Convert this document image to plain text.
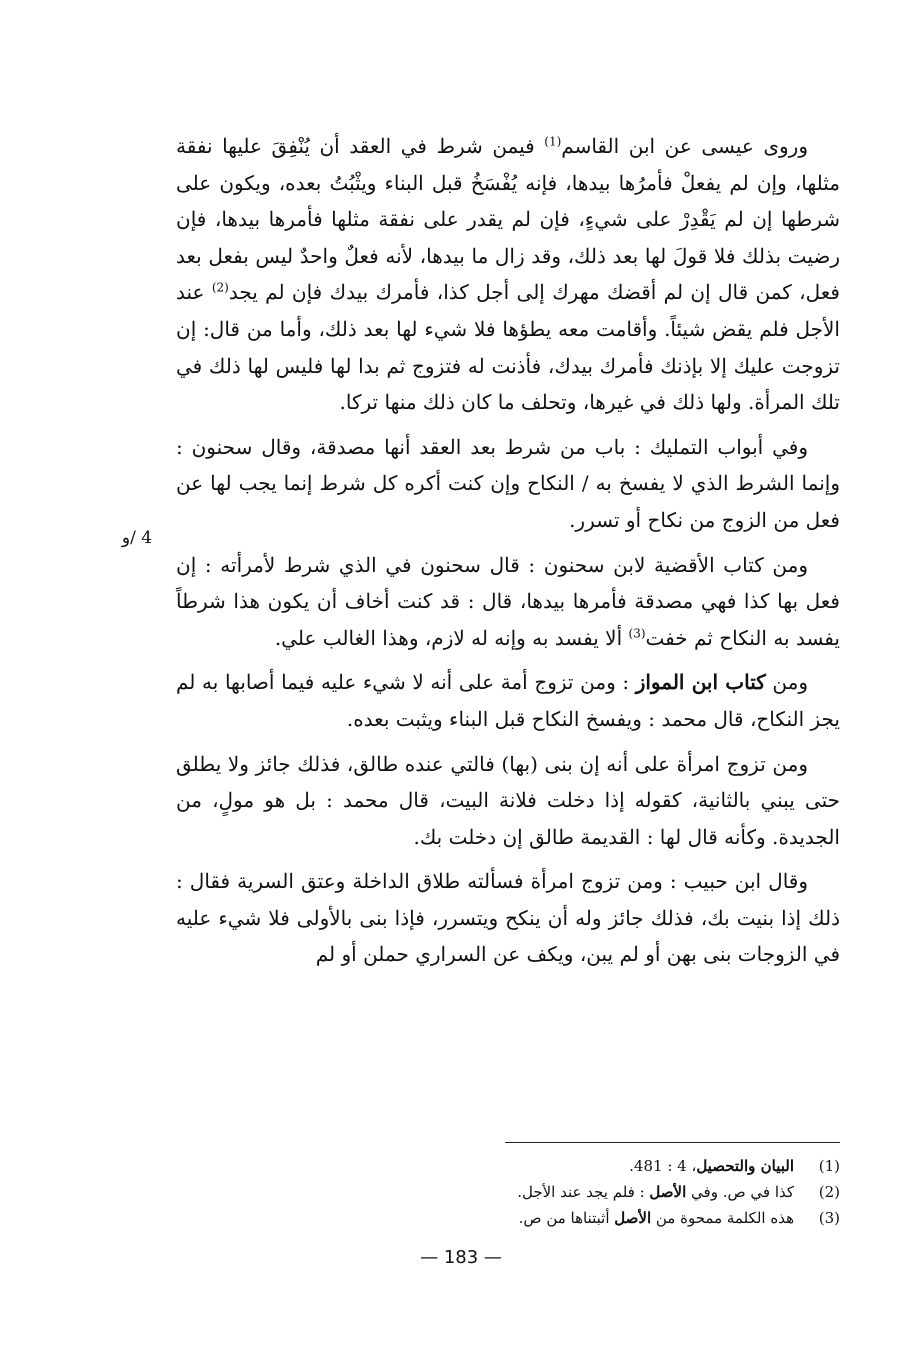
وروى عيسى عن ابن القاسم$^{(1)}$ فيمن شرط في العقد أن يُنْفِقَ عليها نفقة مثلها، وإن لم يفعلْ فأمرُها بيدها، فإنه يُفْسَخُ قبل البناء ويثْبُتُ بعده، ويكون على شرطها إن لم يَقْدِرْ على شيءٍ، فإن لم يقدر على نفقة مثلها فأمرها بيدها، فإن رضيت بذلك فلا قولَ لها بعد ذلك، وقد زال ما بيدها، لأنه فعلٌ واحدٌ ليس بفعل بعد فعل، كمن قال إن لم أقضك مهرك إلى أجل كذا، فأمرك بيدك فإن لم يجد$^{(2)}$ عند الأجل فلم يقض شيئاً. وأقامت معه يطؤها فلا شيء لها بعد ذلك، وأما من قال: إن تزوجت عليك إلا بإذنك فأمرك بيدك، فأذنت له فتزوج ثم بدا لها فليس لها ذلك في تلك المرأة. ولها ذلك في غيرها، وتحلف ما كان ذلك منها تركا.

وفي أبواب التمليك : باب من شرط بعد العقد أنها مصدقة، وقال سحنون : وإنما الشرط الذي لا يفسخ به / النكاح وإن كنت أكره كل شرط إنما يجب لها عن فعل من الزوج من نكاح أو تسرر.

ومن كتاب الأقضية لابن سحنون : قال سحنون في الذي شرط لأمرأته : إن فعل بها كذا فهي مصدقة فأمرها بيدها، قال : قد كنت أخاف أن يكون هذا شرطاً يفسد به النكاح ثم خفت$^{(3)}$ ألا يفسد به وإنه له لازم، وهذا الغالب علي.

ومن كتاب ابن المواز : ومن تزوج أمة على أنه لا شيء عليه فيما أصابها به لم يجز النكاح، قال محمد : ويفسخ النكاح قبل البناء ويثبت بعده.

ومن تزوج امرأة على أنه إن بنى (بها) فالتي عنده طالق، فذلك جائز ولا يطلق حتى يبني بالثانية، كقوله إذا دخلت فلانة البيت، قال محمد : بل هو مولٍ، من الجديدة. وكأنه قال لها : القديمة طالق إن دخلت بك.

وقال ابن حبيب : ومن تزوج امرأة فسألته طلاق الداخلة وعتق السرية فقال : ذلك إذا بنيت بك، فذلك جائز وله أن ينكح ويتسرر، فإذا بنى بالأولى فلا شيء عليه في الزوجات بنى بهن أو لم يبن، ويكف عن السراري حملن أو لم

4 /و

(1)
البيان والتحصيل، 4 : 481.

(2)
كذا في ص. وفي الأصل : فلم يجد عند الأجل.

(3)
هذه الكلمة ممحوة من الأصل أثبتناها من ص.

— 183 —
